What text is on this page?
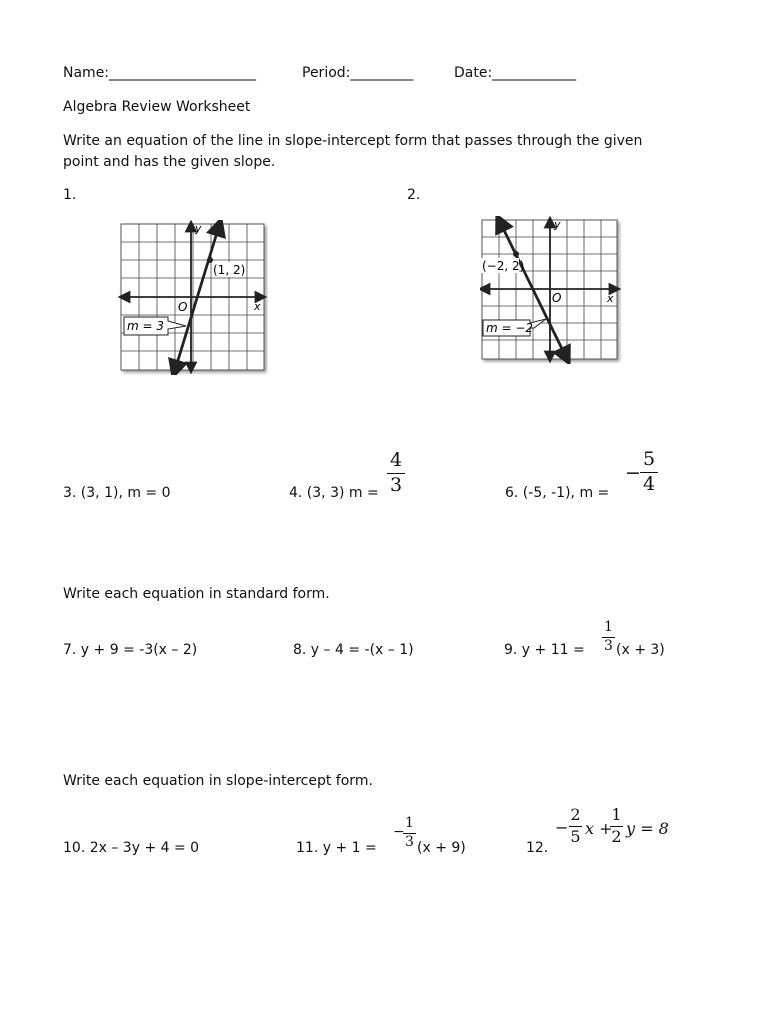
Name:_____________________	Period:_________	Date:____________
Algebra Review Worksheet
Write an equation of the line in slope-intercept form that passes through the given
point and has the given slope.
1.	2.
(1, 2)
y
x
O
m = 3
(−2, 2)
y
x
O
m = −2
3. (3, 1), m = 0	4. (3, 3) m =
4
3	6. (-5, -1), m =
−
5
4
Write each equation in standard form.
7. y + 9 = -3(x – 2)	8. y – 4 = -(x – 1)	9. y + 11 =
1
3 (x + 3)
Write each equation in slope-intercept form.
10. 2x – 3y + 4 = 0	11. y + 1 =
−
1
3 (x + 9)	12.
−
2
5 x +
1
2 y = 8
